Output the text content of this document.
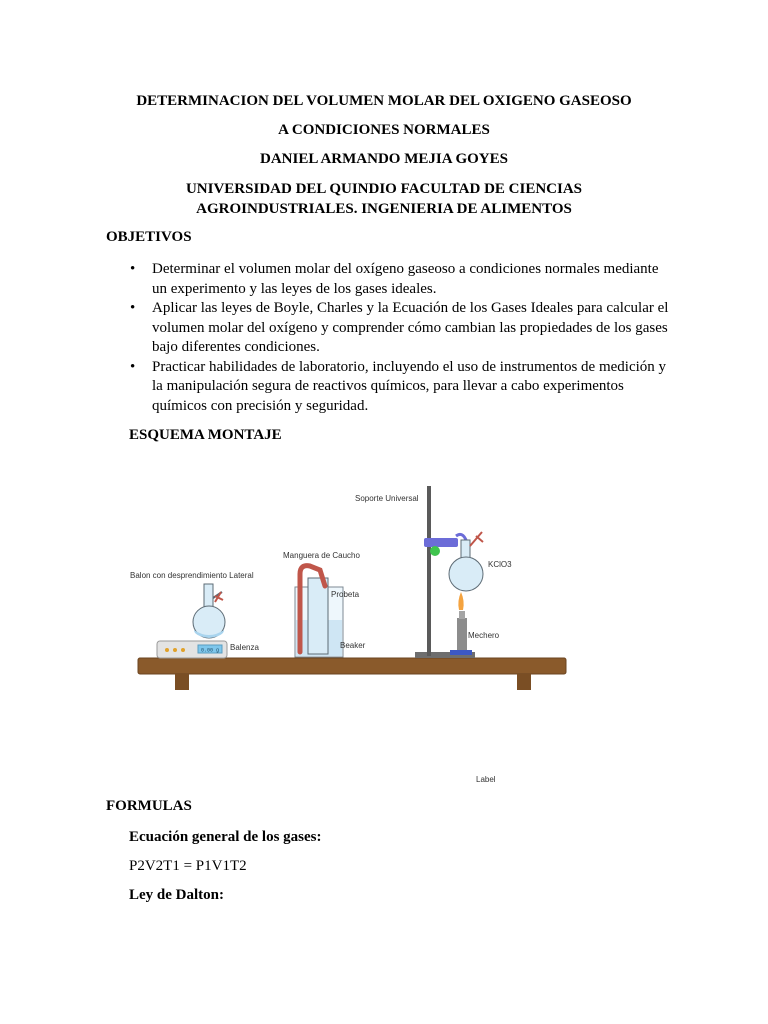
DETERMINACION DEL VOLUMEN MOLAR DEL OXIGENO GASEOSO
A CONDICIONES NORMALES
DANIEL ARMANDO MEJIA GOYES
UNIVERSIDAD DEL QUINDIO FACULTAD DE CIENCIAS
AGROINDUSTRIALES. INGENIERIA DE ALIMENTOS
OBJETIVOS
• Determinar el volumen molar del oxígeno gaseoso a condiciones normales mediante un experimento y las leyes de los gases ideales.
• Aplicar las leyes de Boyle, Charles y la Ecuación de los Gases Ideales para calcular el volumen molar del oxígeno y comprender cómo cambian las propiedades de los gases bajo diferentes condiciones.
• Practicar habilidades de laboratorio, incluyendo el uso de instrumentos de medición y la manipulación segura de reactivos químicos, para llevar a cabo experimentos químicos con precisión y seguridad.
ESQUEMA MONTAJE
0.00 g
Balon con desprendimiento Lateral
Balenza
Manguera de Caucho
Probeta
Beaker
Soporte Universal
KClO3
Mechero
Label
FORMULAS
Ecuación general de los gases:
P2V2T1 = P1V1T2
Ley de Dalton:
